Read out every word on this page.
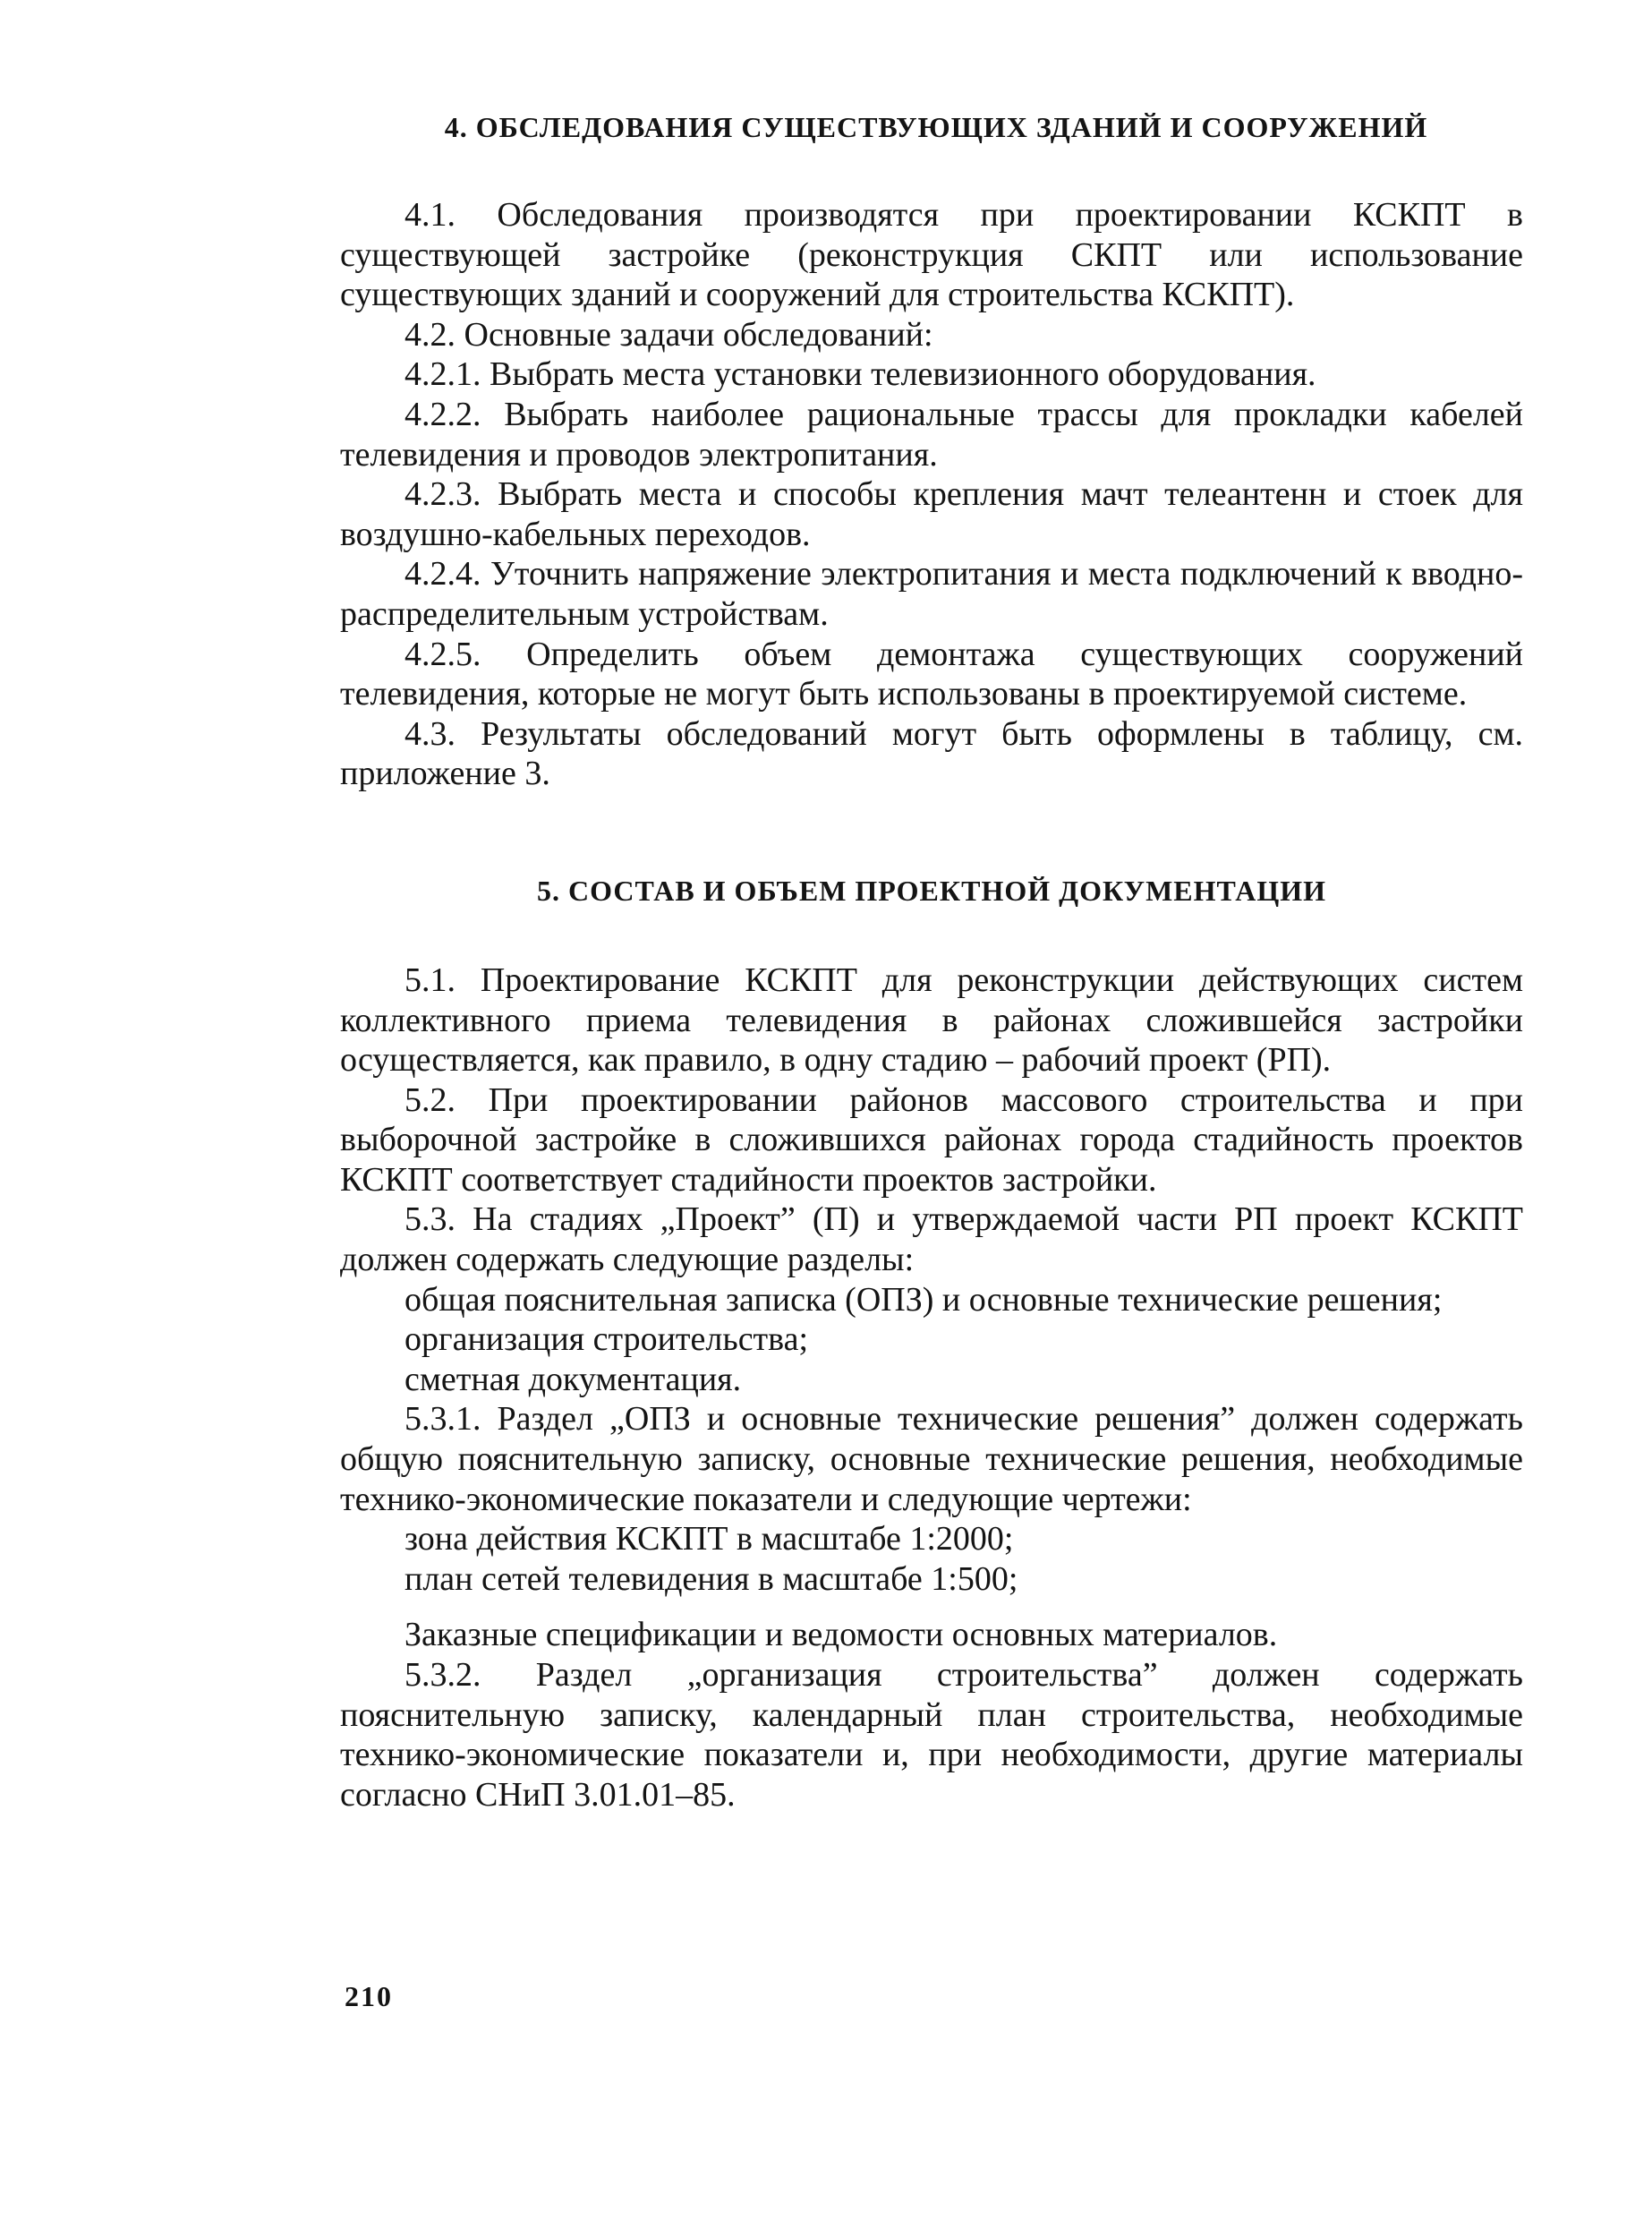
4. ОБСЛЕДОВАНИЯ СУЩЕСТВУЮЩИХ ЗДАНИЙ И СООРУЖЕНИЙ

4.1. Обследования производятся при проектировании КСКПТ в существующей застройке (реконструкция СКПТ или использование существующих зданий и сооружений для строительства КСКПТ).

4.2. Основные задачи обследований:

4.2.1. Выбрать места установки телевизионного оборудования.

4.2.2. Выбрать наиболее рациональные трассы для прокладки кабелей телевидения и проводов электропитания.

4.2.3. Выбрать места и способы крепления мачт телеантенн и стоек для воздушно-кабельных переходов.

4.2.4. Уточнить напряжение электропитания и места подключений к вводно-распределительным устройствам.

4.2.5. Определить объем демонтажа существующих сооружений телевидения, которые не могут быть использованы в проектируемой системе.

4.3. Результаты обследований могут быть оформлены в таблицу, см. приложение 3.

5. СОСТАВ И ОБЪЕМ ПРОЕКТНОЙ ДОКУМЕНТАЦИИ

5.1. Проектирование КСКПТ для реконструкции действующих систем коллективного приема телевидения в районах сложившейся застройки осуществляется, как правило, в одну стадию – рабочий проект (РП).

5.2. При проектировании районов массового строительства и при выборочной застройке в сложившихся районах города стадийность проектов КСКПТ соответствует стадийности проектов застройки.

5.3. На стадиях „Проект” (П) и утверждаемой части РП проект КСКПТ должен содержать следующие разделы:

общая пояснительная записка (ОПЗ) и основные технические решения;

организация строительства;

сметная документация.

5.3.1. Раздел „ОПЗ и основные технические решения” должен содержать общую пояснительную записку, основные технические решения, необходимые технико-экономические показатели и следующие чертежи:

зона действия КСКПТ в масштабе 1:2000;

план сетей телевидения в масштабе 1:500;

Заказные спецификации и ведомости основных материалов.

5.3.2. Раздел „организация строительства” должен содержать пояснительную записку, календарный план строительства, необходимые технико-экономические показатели и, при необходимости, другие материалы согласно СНиП 3.01.01–85.

210
